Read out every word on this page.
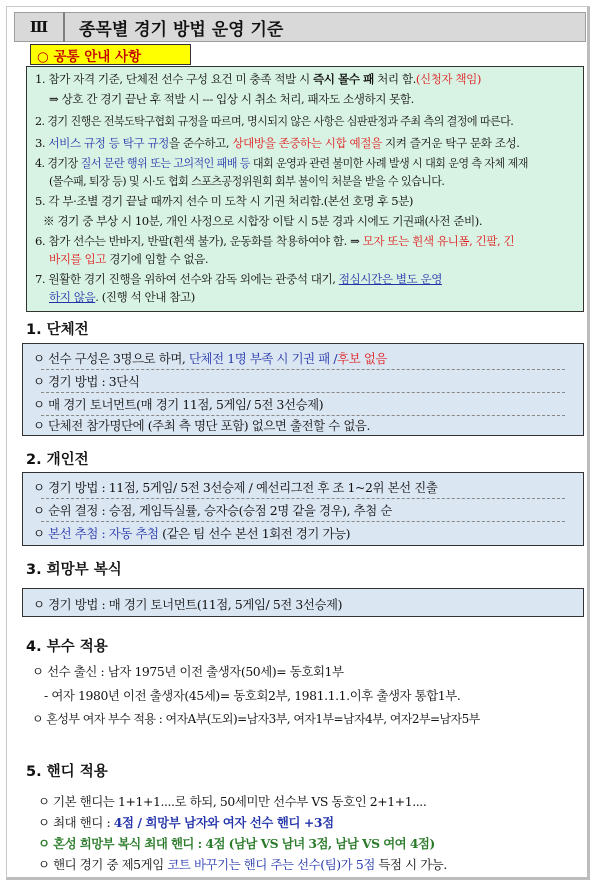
Ⅲ	종목별 경기 방법 운영 기준
○ 공통 안내 사항
1. 참가 자격 기준, 단체전 선수 구성 요건 미 충족 적발 시 즉시 몰수 패 처리 함.(신청자 책임)
⇒ 상호 간 경기 끝난 후 적발 시 --- 입상 시 취소 처리, 패자도 소생하지 못함.
2. 경기 진행은 전북도탁구협회 규정을 따르며, 명시되지 않은 사항은 심판판정과 주최 측의 결정에 따른다.
3. 서비스 규정 등 탁구 규정을 준수하고, 상대방을 존중하는 시합 예절을 지켜 즐거운 탁구 문화 조성.
4. 경기장 질서 문란 행위 또는 고의적인 패배 등 대회 운영과 관련 불미한 사례 발생 시 대회 운영 측 자체 제재
(몰수패, 퇴장 등) 및 시·도 협회 스포츠공정위원회 회부 불이익 처분을 받을 수 있습니다.
5. 각 부·조별 경기 끝날 때까지 선수 미 도착 시 기권 처리함.(본선 호명 후 5분)
※ 경기 중 부상 시 10분, 개인 사정으로 시합장 이탈 시 5분 경과 시에도 기권패(사전 준비).
6. 참가 선수는 반바지, 반팔(휜색 불가), 운동화를 착용하여야 함. ⇒ 모자 또는 휜색 유니폼, 긴팔, 긴
바지를 입고 경기에 임할 수 없음.
7. 원활한 경기 진행을 위하여 선수와 감독 외에는 관중석 대기, 점심시간은 별도 운영
하지 않음. (진행 석 안내 참고)
1. 단체전
ㅇ 선수 구성은 3명으로 하며, 단체전 1명 부족 시 기권 패 /후보 없음
ㅇ 경기 방법 : 3단식
ㅇ 매 경기 토너먼트(매 경기 11점, 5게임/ 5전 3선승제)
ㅇ 단체전 참가명단에 (주최 측 명단 포함) 없으면 출전할 수 없음.
2. 개인전
ㅇ 경기 방법 : 11점, 5게임/ 5전 3선승제 / 예선리그전 후 조 1~2위 본선 진출
ㅇ 순위 결정 : 승점, 게임득실률, 승자승(승점 2명 같을 경우), 추첨 순
ㅇ 본선 추첨 : 자동 추첨 (같은 팀 선수 본선 1회전 경기 가능)
3. 희망부 복식
ㅇ 경기 방법 : 매 경기 토너먼트(11점, 5게임/ 5전 3선승제)
4. 부수 적용
ㅇ 선수 출신 : 남자 1975년 이전 출생자(50세)= 동호회1부
- 여자 1980년 이전 출생자(45세)= 동호회2부, 1981.1.1.이후 출생자 통합1부.
ㅇ 혼성부 여자 부수 적용 : 여자A부(도외)=남자3부, 여자1부=남자4부, 여자2부=남자5부
5. 핸디 적용
ㅇ 기본 핸디는 1+1+1....로 하되, 50세미만 선수부 VS 동호인 2+1+1....
ㅇ 최대 핸디 : 4점 / 희망부 남자와 여자 선수 핸디 +3점
ㅇ 혼성 희망부 복식 최대 핸디 : 4점 (남남 VS 남녀 3점, 남남 VS 여여 4점)
ㅇ 핸디 경기 중 제5게임 코트 바꾸기는 핸디 주는 선수(팀)가 5점 득점 시 가능.
